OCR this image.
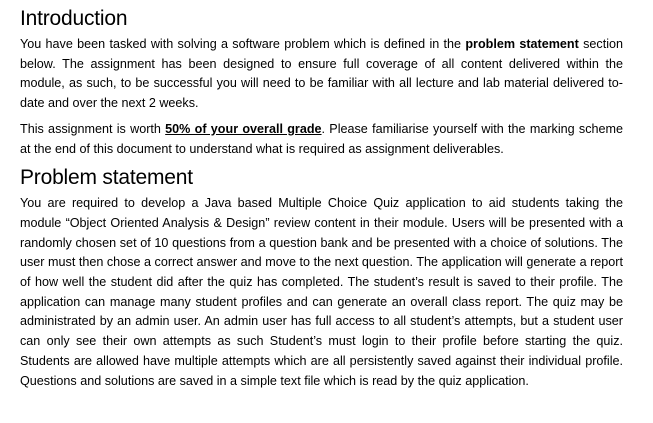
Introduction

You have been tasked with solving a software problem which is defined in the problem statement section below. The assignment has been designed to ensure full coverage of all content delivered within the module, as such, to be successful you will need to be familiar with all lecture and lab material delivered to-date and over the next 2 weeks.

This assignment is worth 50% of your overall grade. Please familiarise yourself with the marking scheme at the end of this document to understand what is required as assignment deliverables.

Problem statement

You are required to develop a Java based Multiple Choice Quiz application to aid students taking the module “Object Oriented Analysis & Design” review content in their module. Users will be presented with a randomly chosen set of 10 questions from a question bank and be presented with a choice of solutions. The user must then chose a correct answer and move to the next question. The application will generate a report of how well the student did after the quiz has completed. The student’s result is saved to their profile. The application can manage many student profiles and can generate an overall class report. The quiz may be administrated by an admin user. An admin user has full access to all student’s attempts, but a student user can only see their own attempts as such Student’s must login to their profile before starting the quiz. Students are allowed have multiple attempts which are all persistently saved against their individual profile. Questions and solutions are saved in a simple text file which is read by the quiz application.
